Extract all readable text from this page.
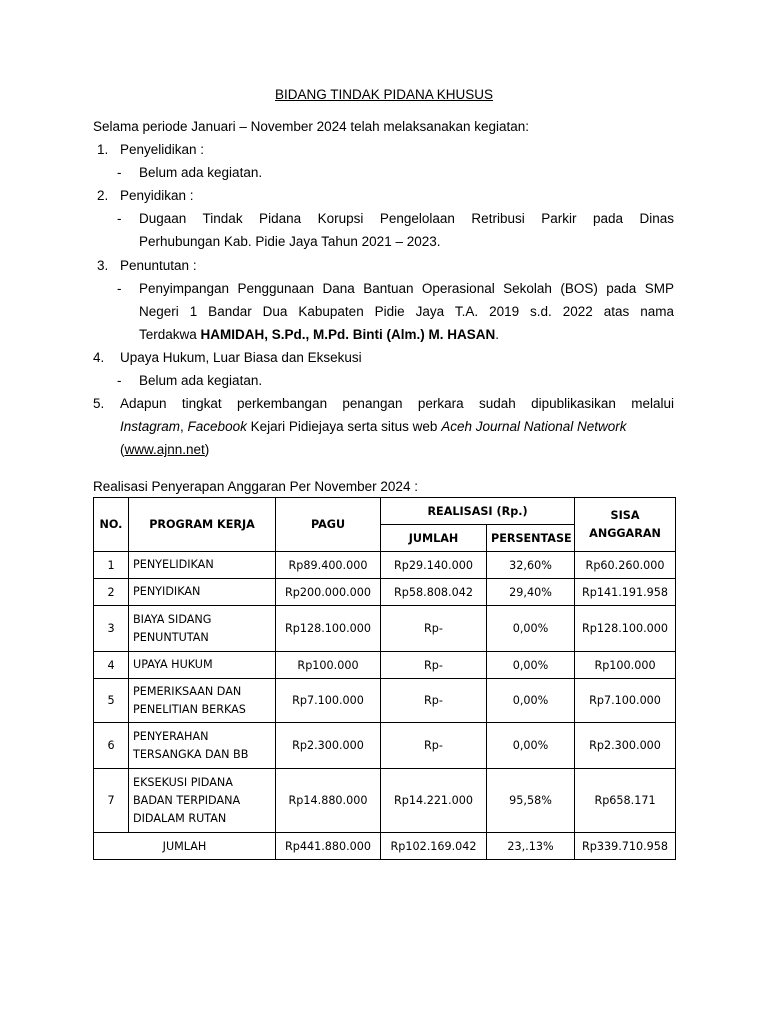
BIDANG TINDAK PIDANA KHUSUS
Selama periode Januari – November 2024 telah melaksanakan kegiatan:
1. Penyelidikan :
- Belum ada kegiatan.
2. Penyidikan :
- Dugaan Tindak Pidana Korupsi Pengelolaan Retribusi Parkir pada Dinas
Perhubungan Kab. Pidie Jaya Tahun 2021 – 2023.
3. Penuntutan :
- Penyimpangan Penggunaan Dana Bantuan Operasional Sekolah (BOS) pada SMP
Negeri 1 Bandar Dua Kabupaten Pidie Jaya T.A. 2019 s.d. 2022 atas nama
Terdakwa HAMIDAH, S.Pd., M.Pd. Binti (Alm.) M. HASAN.
4. Upaya Hukum, Luar Biasa dan Eksekusi
- Belum ada kegiatan.
5. Adapun tingkat perkembangan penangan perkara sudah dipublikasikan melalui
Instagram, Facebook Kejari Pidiejaya serta situs web Aceh Journal National Network
(www.ajnn.net)
Realisasi Penyerapan Anggaran Per November 2024 :
NO.	PROGRAM KERJA	PAGU	REALISASI (Rp.)		SISA ANGGARAN
			JUMLAH	PERSENTASE	
1	PENYELIDIKAN	Rp89.400.000	Rp29.140.000	32,60%	Rp60.260.000
2	PENYIDIKAN	Rp200.000.000	Rp58.808.042	29,40%	Rp141.191.958
3	BIAYA SIDANG PENUNTUTAN	Rp128.100.000	Rp-	0,00%	Rp128.100.000
4	UPAYA HUKUM	Rp100.000	Rp-	0,00%	Rp100.000
5	PEMERIKSAAN DAN PENELITIAN BERKAS	Rp7.100.000	Rp-	0,00%	Rp7.100.000
6	PENYERAHAN TERSANGKA DAN BB	Rp2.300.000	Rp-	0,00%	Rp2.300.000
7	EKSEKUSI PIDANA BADAN TERPIDANA DIDALAM RUTAN	Rp14.880.000	Rp14.221.000	95,58%	Rp658.171
JUMLAH		Rp441.880.000	Rp102.169.042	23,.13%	Rp339.710.958
